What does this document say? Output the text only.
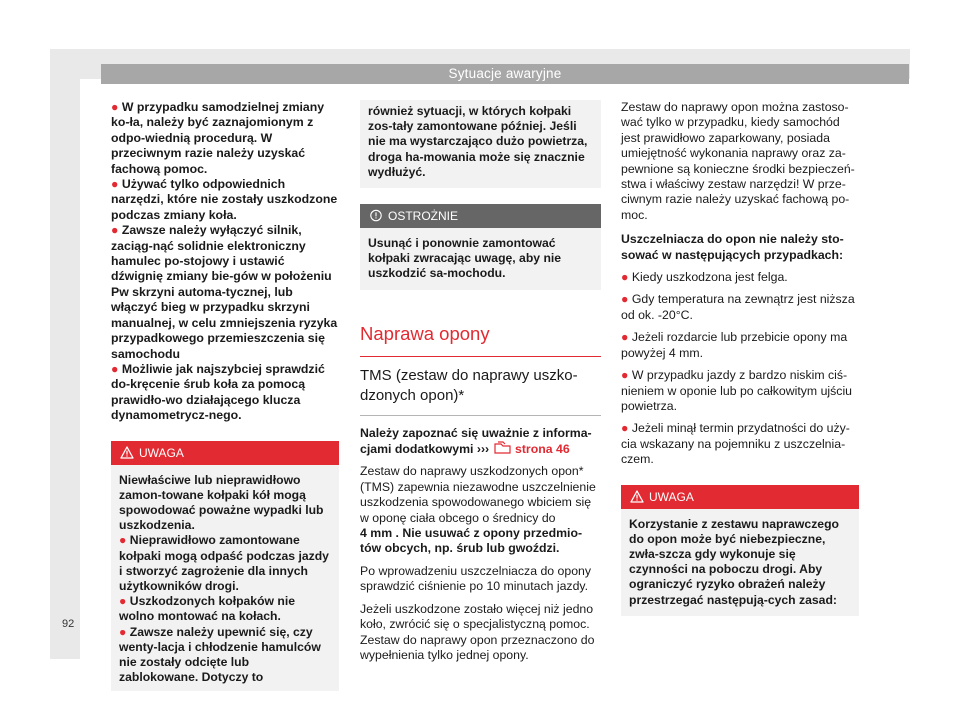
Sytuacje awaryjne
● W przypadku samodzielnej zmiany ko-ła, należy być zaznajomionym z odpo-wiednią procedurą. W przeciwnym razie należy uzyskać fachową pomoc.
● Używać tylko odpowiednich narzędzi, które nie zostały uszkodzone podczas zmiany koła.
● Zawsze należy wyłączyć silnik, zaciąg-nąć solidnie elektroniczny hamulec po-stojowy i ustawić dźwignię zmiany bie-gów w położeniu Pw skrzyni automa-tycznej, lub włączyć bieg w przypadku skrzyni manualnej, w celu zmniejszenia ryzyka przypadkowego przemieszczenia się samochodu
● Możliwie jak najszybciej sprawdzić do-kręcenie śrub koła za pomocą prawidło-wo działającego klucza dynamometrycz-nego.
UWAGA
Niewłaściwe lub nieprawidłowo zamon-towane kołpaki kół mogą spowodować poważne wypadki lub uszkodzenia.
● Nieprawidłowo zamontowane kołpaki mogą odpaść podczas jazdy i stworzyć zagrożenie dla innych użytkowników drogi.
● Uszkodzonych kołpaków nie wolno montować na kołach.
● Zawsze należy upewnić się, czy wenty-lacja i chłodzenie hamulców nie zostały odcięte lub zablokowane. Dotyczy to
również sytuacji, w których kołpaki zos-tały zamontowane później. Jeśli nie ma wystarczająco dużo powietrza, droga ha-mowania może się znacznie wydłużyć.
OSTROŻNIE
Usunąć i ponownie zamontować kołpaki zwracając uwagę, aby nie uszkodzić sa-mochodu.
Naprawa opony
TMS (zestaw do naprawy uszko-dzonych opon)*

Należy zapoznać się uważnie z informa-cjami dodatkowymi ››› strona 46

Zestaw do naprawy uszkodzonych opon* (TMS) zapewnia niezawodne uszczelnienie uszkodzenia spowodowanego wbiciem się w oponę ciała obcego o średnicy do
4 mm . Nie usuwać z opony przedmio-tów obcych, np. śrub lub gwoździ.

Po wprowadzeniu uszczelniacza do opony sprawdzić ciśnienie po 10 minutach jazdy.

Jeżeli uszkodzone zostało więcej niż jedno koło, zwrócić się o specjalistyczną pomoc. Zestaw do naprawy opon przeznaczono do wypełnienia tylko jednej opony.

Zestaw do naprawy opon można zastoso-wać tylko w przypadku, kiedy samochód jest prawidłowo zaparkowany, posiada umiejętność wykonania naprawy oraz za-pewnione są konieczne środki bezpieczeń-stwa i właściwy zestaw narzędzi! W prze-ciwnym razie należy uzyskać fachową po-moc.

Uszczelniacza do opon nie należy sto-sować w następujących przypadkach:

● Kiedy uszkodzona jest felga.
● Gdy temperatura na zewnątrz jest niższa od ok. -20°C.
● Jeżeli rozdarcie lub przebicie opony ma powyżej 4 mm.
● W przypadku jazdy z bardzo niskim ciś-nieniem w oponie lub po całkowitym ujściu powietrza.
● Jeżeli minął termin przydatności do uży-cia wskazany na pojemniku z uszczelnia-czem.
UWAGA
Korzystanie z zestawu naprawczego do opon może być niebezpieczne, zwła-szcza gdy wykonuje się czynności na poboczu drogi. Aby ograniczyć ryzyko obrażeń należy przestrzegać następują-cych zasad:
92
